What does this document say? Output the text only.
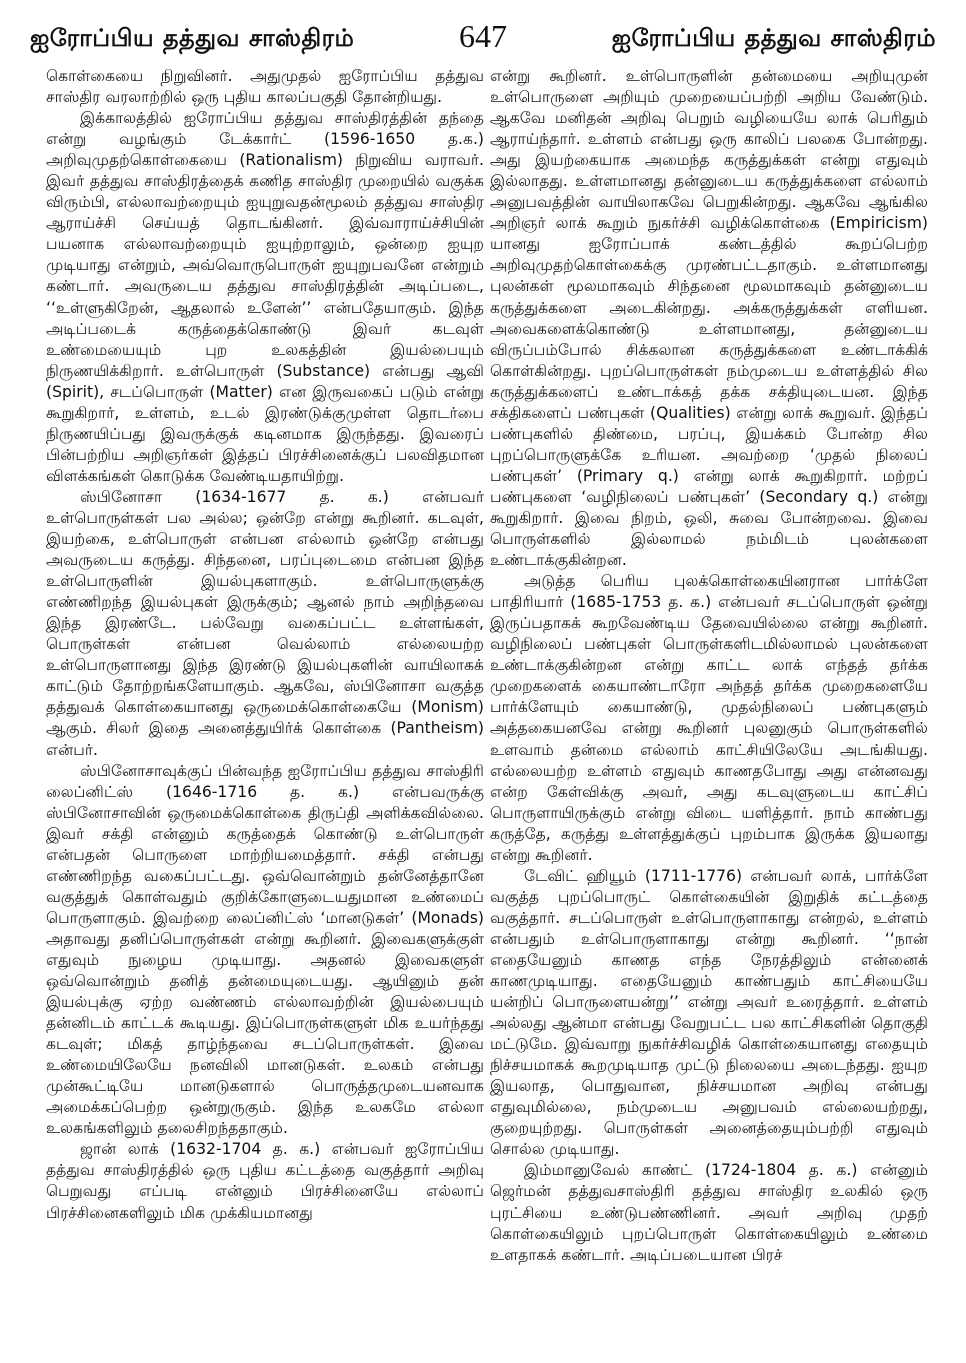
ஐரோப்பிய தத்துவ சாஸ்திரம்	647	ஐரோப்பிய தத்துவ சாஸ்திரம்

கொள்கையை நிறுவினர். அதுமுதல் ஐரோப்பிய தத்துவ சாஸ்திர வரலாற்றில் ஒரு புதிய காலப்பகுதி தோன்றியது.

இக்காலத்தில் ஐரோப்பிய தத்துவ சாஸ்திரத்தின் தந்தை என்று வழங்கும் டேக்கார்ட் (1596-1650 த.க.) அறிவுமுதற்கொள்கையை (Rationalism) நிறுவிய வராவர். இவர் தத்துவ சாஸ்திரத்தைக் கணித சாஸ்திர முறையில் வகுக்க விரும்பி, எல்லாவற்றையும் ஐயுறுவதன்மூலம் தத்துவ சாஸ்திர ஆராய்ச்சி செய்யத் தொடங்கினர். இவ்வாராய்ச்சியின் பயனாக எல்லாவற்றையும் ஐயுற்றாலும், ஒன்றை ஐயுற முடியாது என்றும், அவ்வொருபொருள் ஐயுறுபவனே என்றும் கண்டார். அவருடைய தத்துவ சாஸ்திரத்தின் அடிப்படை, ‘‘உள்ளுகிறேன், ஆதலால் உளேன்’’ என்பதேயாகும். இந்த அடிப்படைக் கருத்தைக்கொண்டு இவர் கடவுள் உண்மையையும் புற உலகத்தின் இயல்பையும் நிருணயிக்கிறார். உள்பொருள் (Substance) என்பது ஆவி (Spirit), சடப்பொருள் (Matter) என இருவகைப் படும் என்று கூறுகிறார், உள்ளம், உடல் இரண்டுக்குமுள்ள தொடர்பை நிருணயிப்பது இவருக்குக் கடினமாக இருந்தது. இவரைப் பின்பற்றிய அறிஞர்கள் இத்தப் பிரச்சினைக்குப் பலவிதமான விளக்கங்கள் கொடுக்க வேண்டியதாயிற்று.

ஸ்பினோசா (1634-1677 த. க.) என்பவர் உள்பொருள்கள் பல அல்ல; ஒன்றே என்று கூறினர். கடவுள், இயற்கை, உள்பொருள் என்பன எல்லாம் ஒன்றே என்பது அவருடைய கருத்து. சிந்தனை, பரப்புடைமை என்பன இந்த உள்பொருளின் இயல்புகளாகும். உள்பொருளுக்கு எண்ணிறந்த இயல்புகள் இருக்கும்; ஆனல் நாம் அறிந்தவை இந்த இரண்டே. பல்வேறு வகைப்பட்ட உள்ளங்கள், பொருள்கள் என்பன வெல்லாம் எல்லையற்ற உள்பொருளானது இந்த இரண்டு இயல்புகளின் வாயிலாகக் காட்டும் தோற்றங்களேயாகும். ஆகவே, ஸ்பினோசா வகுத்த தத்துவக் கொள்கையானது ஒருமைக்கொள்கையே (Monism) ஆகும். சிலர் இதை அனைத்துயிர்க் கொள்கை (Pantheism) என்பர்.

ஸ்பினோசாவுக்குப் பின்வந்த ஐரோப்பிய தத்துவ சாஸ்திரி லைப்னிட்ஸ் (1646-1716 த. க.) என்பவருக்கு ஸ்பினோசாவின் ஒருமைக்கொள்கை திருப்தி அளிக்கவில்லை. இவர் சக்தி என்னும் கருத்தைக் கொண்டு உள்பொருள் என்பதன் பொருளை மாற்றியமைத்தார். சக்தி என்பது எண்ணிறந்த வகைப்பட்டது. ஒவ்வொன்றும் தன்னேத்தானே வகுத்துக் கொள்வதும் குறிக்கோளுடையதுமான உண்மைப் பொருளாகும். இவற்றை லைப்னிட்ஸ் ‘மானடுகள்’ (Monads) அதாவது தனிப்பொருள்கள் என்று கூறினர். இவைகளுக்குள் எதுவும் நுழைய முடியாது. அதனல் இவைகளுள் ஒவ்வொன்றும் தனித் தன்மையுடையது. ஆயினும் தன் இயல்புக்கு ஏற்ற வண்ணம் எல்லாவற்றின் இயல்பையும் தன்னிடம் காட்டக் கூடியது. இப்பொருள்களுள் மிக உயர்ந்தது கடவுள்; மிகத் தாழ்ந்தவை சடப்பொருள்கள். இவை உண்மையிலேயே நனவிலி மானடுகள். உலகம் என்பது முன்கூட்டியே மானடுகளால் பொருத்தமுடையனவாக அமைக்கப்பெற்ற ஒன்றுருகும். இந்த உலகமே எல்லா உலகங்களிலும் தலைசிறந்ததாகும்.

ஜான் லாக் (1632-1704 த. க.) என்பவர் ஐரோப்பிய தத்துவ சாஸ்திரத்தில் ஒரு புதிய கட்டத்தை வகுத்தார் அறிவு பெறுவது எப்படி என்னும் பிரச்சினையே எல்லாப் பிரச்சினைகளிலும் மிக முக்கியமானது

என்று கூறினர். உள்பொருளின் தன்மையை அறியுமுன் உள்பொருளை அறியும் முறையைப்பற்றி அறிய வேண்டும். ஆகவே மனிதன் அறிவு பெறும் வழியையே லாக் பெரிதும் ஆராய்ந்தார். உள்ளம் என்பது ஒரு காலிப் பலகை போன்றது. அது இயற்கையாக அமைந்த கருத்துக்கள் என்று எதுவும் இல்லாதது. உள்ளமானது தன்னுடைய கருத்துக்களை எல்லாம் அனுபவத்தின் வாயிலாகவே பெறுகின்றது. ஆகவே ஆங்கில அறிஞர் லாக் கூறும் நுகர்ச்சி வழிக்கொள்கை (Empiricism) யானது ஐரோப்பாக் கண்டத்தில் கூறப்பெற்ற அறிவுமுதற்கொள்கைக்கு முரண்பட்டதாகும். உள்ளமானது புலன்கள் மூலமாகவும் சிந்தனை மூலமாகவும் தன்னுடைய கருத்துக்களை அடைகின்றது. அக்கருத்துக்கள் எளியன. அவைகளைக்கொண்டு உள்ளமானது, தன்னுடைய விருப்பம்போல் சிக்கலான கருத்துக்களை உண்டாக்கிக் கொள்கின்றது. புறப்பொருள்கள் நம்முடைய உள்ளத்தில் சில கருத்துக்களைப் உண்டாக்கத் தக்க சக்தியுடையன. இந்த சக்திகளைப் பண்புகள் (Qualities) என்று லாக் கூறுவர். இந்தப் பண்புகளில் திண்மை, பரப்பு, இயக்கம் போன்ற சில புறப்பொருளுக்கே உரியன. அவற்றை ‘முதல் நிலைப் பண்புகள்’ (Primary q.) என்று லாக் கூறுகிறார். மற்றப் பண்புகளை ‘வழிநிலைப் பண்புகள்’ (Secondary q.) என்று கூறுகிறார். இவை நிறம், ஒலி, சுவை போன்றவை. இவை பொருள்களில் இல்லாமல் நம்மிடம் புலன்களை உண்டாக்குகின்றன.

அடுத்த பெரிய புலக்கொள்கையினரான பார்க்ளே பாதிரியார் (1685-1753 த. க.) என்பவர் சடப்பொருள் ஒன்று இருப்பதாகக் கூறவேண்டிய தேவையில்லை என்று கூறினர். வழிநிலைப் பண்புகள் பொருள்களிடமில்லாமல் புலன்களை உண்டாக்குகின்றன என்று காட்ட லாக் எந்தத் தர்க்க முறைகளைக் கையாண்டாரோ அந்தத் தர்க்க முறைகளையே பார்க்ளேயும் கையாண்டு, முதல்நிலைப் பண்புகளும் அத்தகையனவே என்று கூறினர் புலனுகும் பொருள்களில் உளவாம் தன்மை எல்லாம் காட்சியிலேயே அடங்கியது. எல்லையற்ற உள்ளம் எதுவும் காணதபோது அது என்னவது என்ற கேள்விக்கு அவர், அது கடவுளுடைய காட்சிப் பொருளாயிருக்கும் என்று விடை யளித்தார். நாம் காண்பது கருத்தே, கருத்து உள்ளத்துக்குப் புறம்பாக இருக்க இயலாது என்று கூறினர்.

டேவிட் ஹியூம் (1711-1776) என்பவர் லாக், பார்க்ளே வகுத்த புறப்பொருட் கொள்கையின் இறுதிக் கட்டத்தை வகுத்தார். சடப்பொருள் உள்பொருளாகாது என்றல், உள்ளம் என்பதும் உள்பொருளாகாது என்று கூறினர். ‘‘நான் எதையேனும் காணத எந்த நேரத்திலும் என்னைக் காணமுடியாது. எதையேனும் காண்பதும் காட்சியையே யன்றிப் பொருளையன்று’’ என்று அவர் உரைத்தார். உள்ளம் அல்லது ஆன்மா என்பது வேறுபட்ட பல காட்சிகளின் தொகுதி மட்டுமே. இவ்வாறு நுகர்ச்சிவழிக் கொள்கையானது எதையும் நிச்சயமாகக் கூறமுடியாத முட்டு நிலையை அடைந்தது. ஐயுற இயலாத, பொதுவான, நிச்சயமான அறிவு என்பது எதுவுமில்லை, நம்முடைய அனுபவம் எல்லையற்றது, குறையுற்றது. பொருள்கள் அனைத்தையும்பற்றி எதுவும் சொல்ல முடியாது.

இம்மானுவேல் காண்ட் (1724-1804 த. க.) என்னும் ஜெர்மன் தத்துவசாஸ்திரி தத்துவ சாஸ்திர உலகில் ஒரு புரட்சியை உண்டுபண்ணினர். அவர் அறிவு முதற் கொள்கையிலும் புறப்பொருள் கொள்கையிலும் உண்மை உளதாகக் கண்டார். அடிப்படையான பிரச்
